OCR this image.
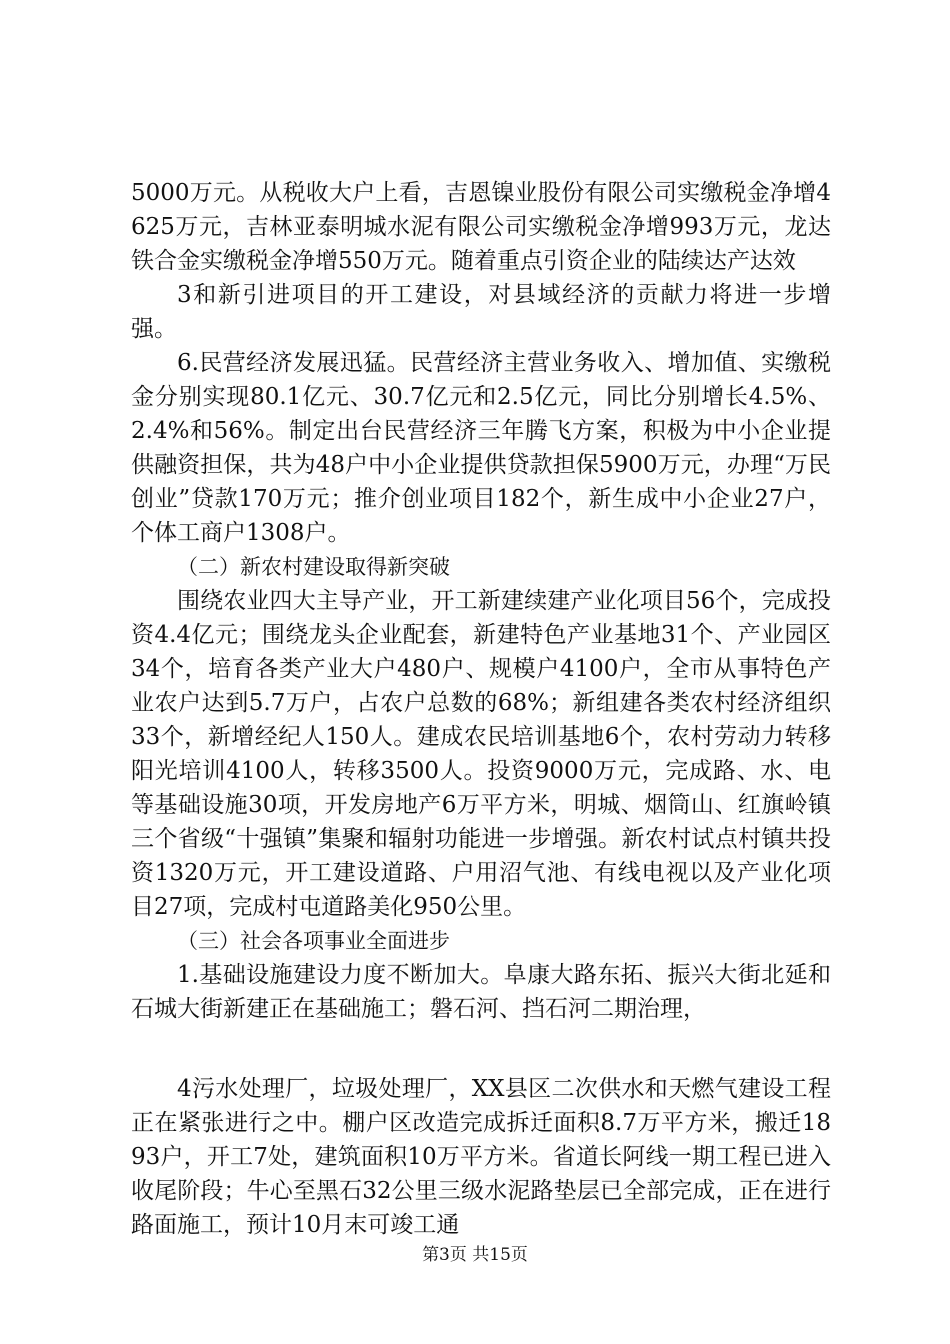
5000万元。从税收大户上看，吉恩镍业股份有限公司实缴税金净增4625万元，吉林亚泰明城水泥有限公司实缴税金净增993万元，龙达铁合金实缴税金净增550万元。随着重点引资企业的陆续达产达效

3和新引进项目的开工建设，对县域经济的贡献力将进一步增强。

6.民营经济发展迅猛。民营经济主营业务收入、增加值、实缴税金分别实现80.1亿元、30.7亿元和2.5亿元，同比分别增长4.5%、2.4%和56%。制定出台民营经济三年腾飞方案，积极为中小企业提供融资担保，共为48户中小企业提供贷款担保5900万元，办理“万民创业”贷款170万元；推介创业项目182个，新生成中小企业27户，个体工商户1308户。

（二）新农村建设取得新突破

围绕农业四大主导产业，开工新建续建产业化项目56个，完成投资4.4亿元；围绕龙头企业配套，新建特色产业基地31个、产业园区34个，培育各类产业大户480户、规模户4100户，全市从事特色产业农户达到5.7万户，占农户总数的68%；新组建各类农村经济组织33个，新增经纪人150人。建成农民培训基地6个，农村劳动力转移阳光培训4100人，转移3500人。投资9000万元，完成路、水、电等基础设施30项，开发房地产6万平方米，明城、烟筒山、红旗岭镇三个省级“十强镇”集聚和辐射功能进一步增强。新农村试点村镇共投资1320万元，开工建设道路、户用沼气池、有线电视以及产业化项目27项，完成村屯道路美化950公里。

（三）社会各项事业全面进步

1.基础设施建设力度不断加大。阜康大路东拓、振兴大街北延和石城大街新建正在基础施工；磐石河、挡石河二期治理，

4污水处理厂，垃圾处理厂，XX县区二次供水和天燃气建设工程正在紧张进行之中。棚户区改造完成拆迁面积8.7万平方米，搬迁1893户，开工7处，建筑面积10万平方米。省道长阿线一期工程已进入收尾阶段；牛心至黑石32公里三级水泥路垫层已全部完成，正在进行路面施工，预计10月末可竣工通

第3页 共15页
